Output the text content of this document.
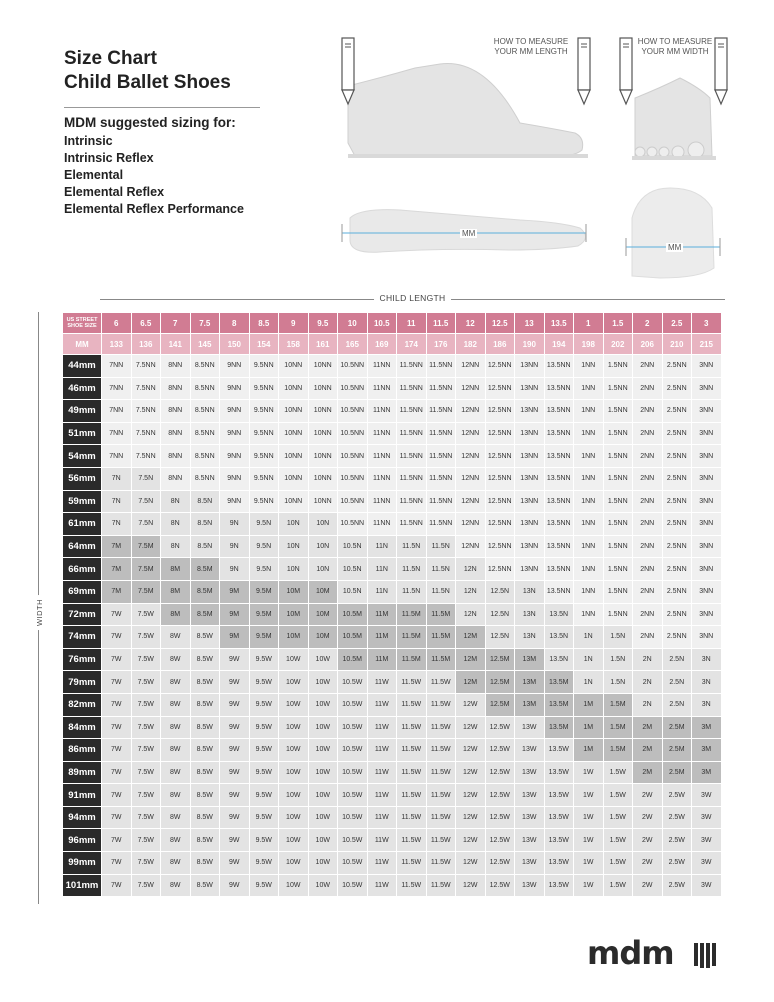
Size Chart
Child Ballet Shoes
MDM suggested sizing for:
Intrinsic
Intrinsic Reflex
Elemental
Elemental Reflex
Elemental Reflex Performance
HOW TO MEASURE
YOUR MM LENGTH
HOW TO MEASURE
YOUR MM WIDTH
MM
MM
CHILD LENGTH
WIDTH
US STREET
SHOE SIZE	6	6.5	7	7.5	8	8.5	9	9.5	10	10.5	11	11.5	12	12.5	13	13.5	1	1.5	2	2.5	3
MM	133	136	141	145	150	154	158	161	165	169	174	176	182	186	190	194	198	202	206	210	215
44mm	7NN	7.5NN	8NN	8.5NN	9NN	9.5NN	10NN	10NN	10.5NN	11NN	11.5NN	11.5NN	12NN	12.5NN	13NN	13.5NN	1NN	1.5NN	2NN	2.5NN	3NN
46mm	7NN	7.5NN	8NN	8.5NN	9NN	9.5NN	10NN	10NN	10.5NN	11NN	11.5NN	11.5NN	12NN	12.5NN	13NN	13.5NN	1NN	1.5NN	2NN	2.5NN	3NN
49mm	7NN	7.5NN	8NN	8.5NN	9NN	9.5NN	10NN	10NN	10.5NN	11NN	11.5NN	11.5NN	12NN	12.5NN	13NN	13.5NN	1NN	1.5NN	2NN	2.5NN	3NN
51mm	7NN	7.5NN	8NN	8.5NN	9NN	9.5NN	10NN	10NN	10.5NN	11NN	11.5NN	11.5NN	12NN	12.5NN	13NN	13.5NN	1NN	1.5NN	2NN	2.5NN	3NN
54mm	7NN	7.5NN	8NN	8.5NN	9NN	9.5NN	10NN	10NN	10.5NN	11NN	11.5NN	11.5NN	12NN	12.5NN	13NN	13.5NN	1NN	1.5NN	2NN	2.5NN	3NN
56mm	7N	7.5N	8NN	8.5NN	9NN	9.5NN	10NN	10NN	10.5NN	11NN	11.5NN	11.5NN	12NN	12.5NN	13NN	13.5NN	1NN	1.5NN	2NN	2.5NN	3NN
59mm	7N	7.5N	8N	8.5N	9NN	9.5NN	10NN	10NN	10.5NN	11NN	11.5NN	11.5NN	12NN	12.5NN	13NN	13.5NN	1NN	1.5NN	2NN	2.5NN	3NN
61mm	7N	7.5N	8N	8.5N	9N	9.5N	10N	10N	10.5NN	11NN	11.5NN	11.5NN	12NN	12.5NN	13NN	13.5NN	1NN	1.5NN	2NN	2.5NN	3NN
64mm	7M	7.5M	8N	8.5N	9N	9.5N	10N	10N	10.5N	11N	11.5N	11.5N	12NN	12.5NN	13NN	13.5NN	1NN	1.5NN	2NN	2.5NN	3NN
66mm	7M	7.5M	8M	8.5M	9N	9.5N	10N	10N	10.5N	11N	11.5N	11.5N	12N	12.5NN	13NN	13.5NN	1NN	1.5NN	2NN	2.5NN	3NN
69mm	7M	7.5M	8M	8.5M	9M	9.5M	10M	10M	10.5N	11N	11.5N	11.5N	12N	12.5N	13N	13.5NN	1NN	1.5NN	2NN	2.5NN	3NN
72mm	7W	7.5W	8M	8.5M	9M	9.5M	10M	10M	10.5M	11M	11.5M	11.5M	12N	12.5N	13N	13.5N	1NN	1.5NN	2NN	2.5NN	3NN
74mm	7W	7.5W	8W	8.5W	9M	9.5M	10M	10M	10.5M	11M	11.5M	11.5M	12M	12.5N	13N	13.5N	1N	1.5N	2NN	2.5NN	3NN
76mm	7W	7.5W	8W	8.5W	9W	9.5W	10W	10W	10.5M	11M	11.5M	11.5M	12M	12.5M	13M	13.5N	1N	1.5N	2N	2.5N	3N
79mm	7W	7.5W	8W	8.5W	9W	9.5W	10W	10W	10.5W	11W	11.5W	11.5W	12M	12.5M	13M	13.5M	1N	1.5N	2N	2.5N	3N
82mm	7W	7.5W	8W	8.5W	9W	9.5W	10W	10W	10.5W	11W	11.5W	11.5W	12W	12.5M	13M	13.5M	1M	1.5M	2N	2.5N	3N
84mm	7W	7.5W	8W	8.5W	9W	9.5W	10W	10W	10.5W	11W	11.5W	11.5W	12W	12.5W	13W	13.5M	1M	1.5M	2M	2.5M	3M
86mm	7W	7.5W	8W	8.5W	9W	9.5W	10W	10W	10.5W	11W	11.5W	11.5W	12W	12.5W	13W	13.5W	1M	1.5M	2M	2.5M	3M
89mm	7W	7.5W	8W	8.5W	9W	9.5W	10W	10W	10.5W	11W	11.5W	11.5W	12W	12.5W	13W	13.5W	1W	1.5W	2M	2.5M	3M
91mm	7W	7.5W	8W	8.5W	9W	9.5W	10W	10W	10.5W	11W	11.5W	11.5W	12W	12.5W	13W	13.5W	1W	1.5W	2W	2.5W	3W
94mm	7W	7.5W	8W	8.5W	9W	9.5W	10W	10W	10.5W	11W	11.5W	11.5W	12W	12.5W	13W	13.5W	1W	1.5W	2W	2.5W	3W
96mm	7W	7.5W	8W	8.5W	9W	9.5W	10W	10W	10.5W	11W	11.5W	11.5W	12W	12.5W	13W	13.5W	1W	1.5W	2W	2.5W	3W
99mm	7W	7.5W	8W	8.5W	9W	9.5W	10W	10W	10.5W	11W	11.5W	11.5W	12W	12.5W	13W	13.5W	1W	1.5W	2W	2.5W	3W
101mm	7W	7.5W	8W	8.5W	9W	9.5W	10W	10W	10.5W	11W	11.5W	11.5W	12W	12.5W	13W	13.5W	1W	1.5W	2W	2.5W	3W
mdm
